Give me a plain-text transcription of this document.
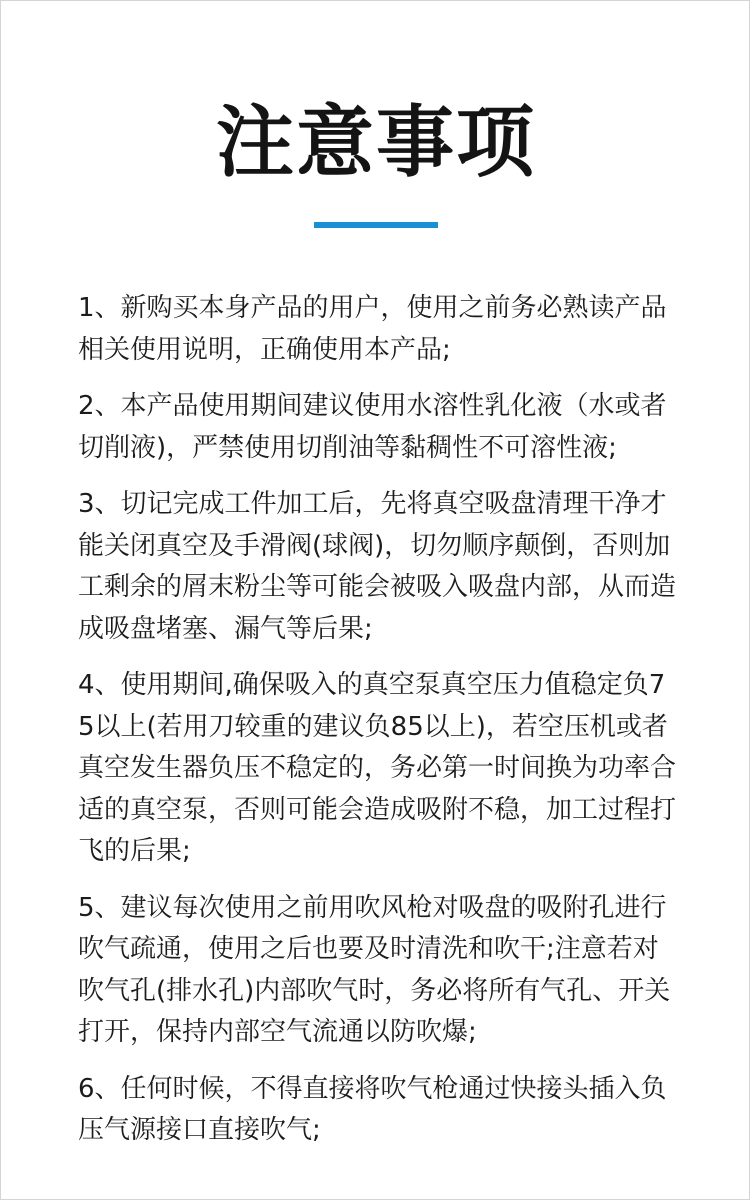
注意事项
1、新购买本身产品的用户，使用之前务必熟读产品相关使用说明，正确使用本产品;
2、本产品使用期间建议使用水溶性乳化液（水或者切削液)，严禁使用切削油等黏稠性不可溶性液;
3、切记完成工件加工后，先将真空吸盘清理干净才能关闭真空及手滑阀(球阀)，切勿顺序颠倒，否则加工剩余的屑末粉尘等可能会被吸入吸盘内部，从而造成吸盘堵塞、漏气等后果;
4、使用期间,确保吸入的真空泵真空压力值稳定负75以上(若用刀较重的建议负85以上)，若空压机或者真空发生器负压不稳定的，务必第一时间换为功率合适的真空泵，否则可能会造成吸附不稳，加工过程打飞的后果;
5、建议每次使用之前用吹风枪对吸盘的吸附孔进行吹气疏通，使用之后也要及时清洗和吹干;注意若对吹气孔(排水孔)内部吹气时，务必将所有气孔、开关打开，保持内部空气流通以防吹爆;
6、任何时候，不得直接将吹气枪通过快接头插入负压气源接口直接吹气;
